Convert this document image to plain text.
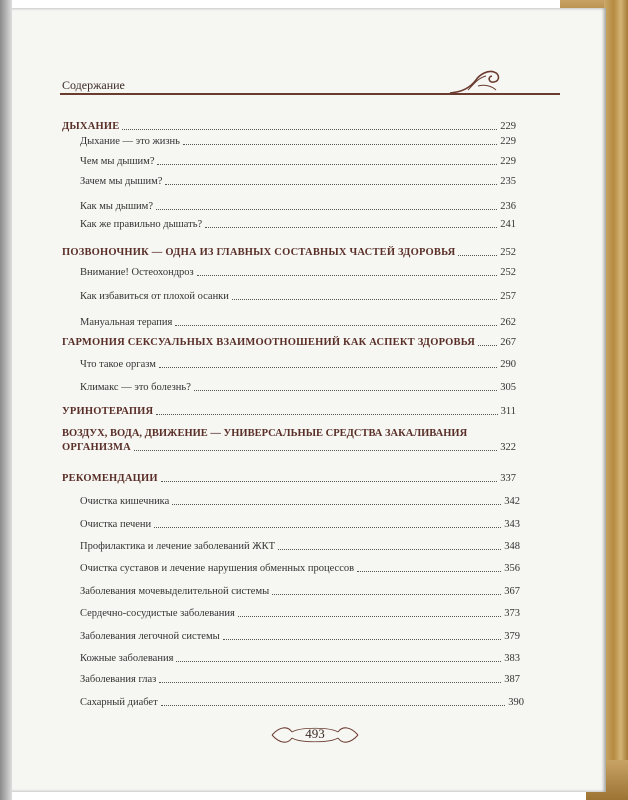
Содержание
ДЫХАНИЕ	229
Дыхание — это жизнь	229
Чем мы дышим?	229
Зачем мы дышим?	235
Как мы дышим?	236
Как же правильно дышать?	241
ПОЗВОНОЧНИК — ОДНА ИЗ ГЛАВНЫХ СОСТАВНЫХ ЧАСТЕЙ ЗДОРОВЬЯ	252
Внимание! Остеохондроз	252
Как избавиться от плохой осанки	257
Мануальная терапия	262
ГАРМОНИЯ СЕКСУАЛЬНЫХ ВЗАИМООТНОШЕНИЙ КАК АСПЕКТ ЗДОРОВЬЯ 267
Что такое оргазм	290
Климакс — это болезнь?	305
УРИНОТЕРАПИЯ	311
ВОЗДУХ, ВОДА, ДВИЖЕНИЕ — УНИВЕРСАЛЬНЫЕ СРЕДСТВА ЗАКАЛИВАНИЯ
ОРГАНИЗМА	322
РЕКОМЕНДАЦИИ	337
Очистка кишечника	342
Очистка печени	343
Профилактика и лечение заболеваний ЖКТ	348
Очистка суставов и лечение нарушения обменных процессов	356
Заболевания мочевыделительной системы	367
Сердечно-сосудистые заболевания	373
Заболевания легочной системы	379
Кожные заболевания	383
Заболевания глаз	387
Сахарный диабет	390
493
